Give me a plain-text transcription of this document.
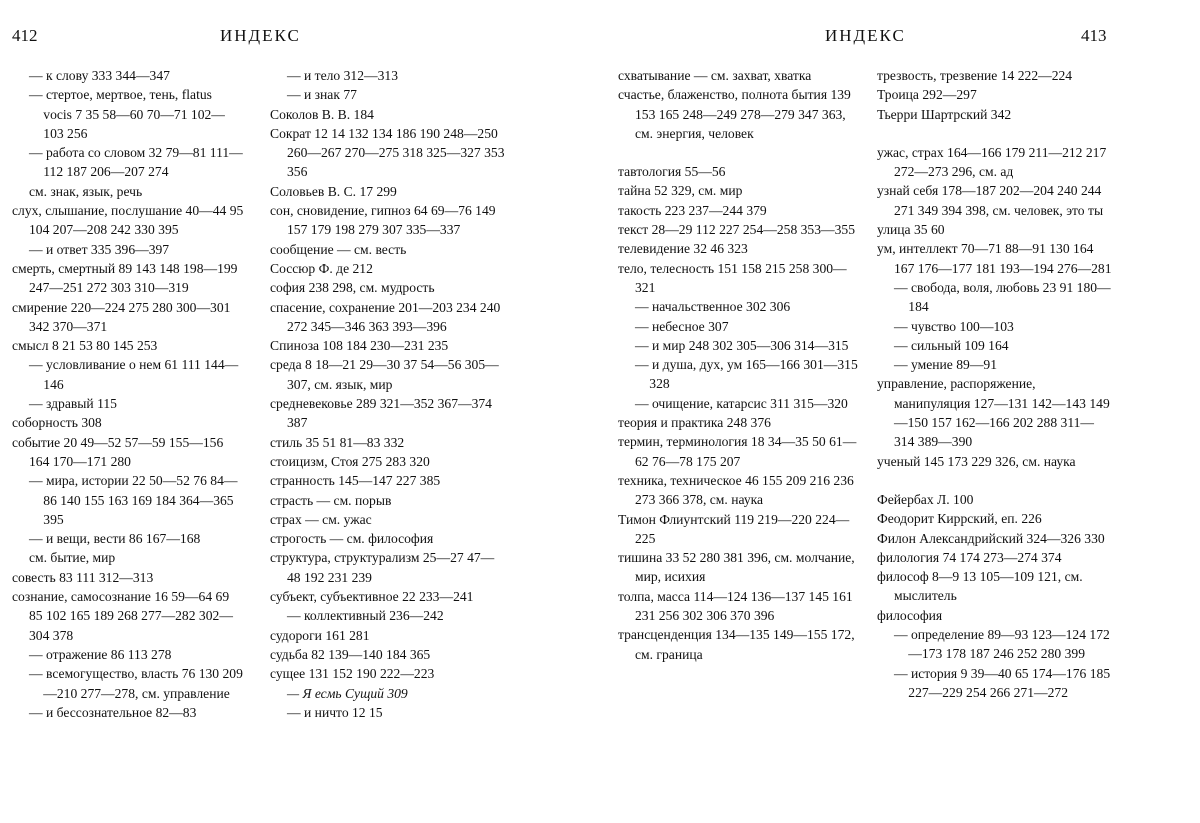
412	ИНДЕКС
— к слову 333 344—347
— стертое, мертвое, тень, flatus vocis 7 35 58—60 70—71 102—103 256
— работа со словом 32 79—81 111—112 187 206—207 274
см. знак, язык, речь
слух, слышание, послушание 40—44 95 104 207—208 242 330 395
— и ответ 335 396—397
смерть, смертный 89 143 148 198—199 247—251 272 303 310—319
смирение 220—224 275 280 300—301 342 370—371
смысл 8 21 53 80 145 253
— условливание о нем 61 111 144—146
— здравый 115
соборность 308
событие 20 49—52 57—59 155—156 164 170—171 280
— мира, истории 22 50—52 76 84—86 140 155 163 169 184 364—365 395
— и вещи, вести 86 167—168
см. бытие, мир
совесть 83 111 312—313
сознание, самосознание 16 59—64 69 85 102 165 189 268 277—282 302—304 378
— отражение 86 113 278
— всемогущество, власть 76 130 209—210 277—278, см. управление
— и бессознательное 82—83
— и тело 312—313
— и знак 77
Соколов В. В. 184
Сократ 12 14 132 134 186 190 248—250 260—267 270—275 318 325—327 353 356
Соловьев В. С. 17 299
сон, сновидение, гипноз 64 69—76 149 157 179 198 279 307 335—337
сообщение — см. весть
Соссюр Ф. де 212
софия 238 298, см. мудрость
спасение, сохранение 201—203 234 240 272 345—346 363 393—396
Спиноза 108 184 230—231 235
среда 8 18—21 29—30 37 54—56 305—307, см. язык, мир
средневековье 289 321—352 367—374 387
стиль 35 51 81—83 332
стоицизм, Стоя 275 283 320
странность 145—147 227 385
страсть — см. порыв
страх — см. ужас
строгость — см. философия
структура, структурализм 25—27 47—48 192 231 239
субъект, субъективное 22 233—241
— коллективный 236—242
судороги 161 281
судьба 82 139—140 184 365
сущее 131 152 190 222—223
— Я есмь Сущий 309
— и ничто 12 15
ИНДЕКС	413
схватывание — см. захват, хватка
счастье, блаженство, полнота бытия 139 153 165 248—249 278—279 347 363, см. энергия, человек
тавтология 55—56
тайна 52 329, см. мир
такость 223 237—244 379
текст 28—29 112 227 254—258 353—355
телевидение 32 46 323
тело, телесность 151 158 215 258 300—321
— начальственное 302 306
— небесное 307
— и мир 248 302 305—306 314—315
— и душа, дух, ум 165—166 301—315 328
— очищение, катарсис 311 315—320
теория и практика 248 376
термин, терминология 18 34—35 50 61—62 76—78 175 207
техника, техническое 46 155 209 216 236 273 366 378, см. наука
Тимон Флиунтский 119 219—220 224—225
тишина 33 52 280 381 396, см. молчание, мир, исихия
толпа, масса 114—124 136—137 145 161 231 256 302 306 370 396
трансценденция 134—135 149—155 172, см. граница
трезвость, трезвение 14 222—224
Троица 292—297
Тьерри Шартрский 342
ужас, страх 164—166 179 211—212 217 272—273 296, см. ад
узнай себя 178—187 202—204 240 244 271 349 394 398, см. человек, это ты
улица 35 60
ум, интеллект 70—71 88—91 130 164 167 176—177 181 193—194 276—281
— свобода, воля, любовь 23 91 180—184
— чувство 100—103
— сильный 109 164
— умение 89—91
управление, распоряжение, манипуляция 127—131 142—143 149—150 157 162—166 202 288 311—314 389—390
ученый 145 173 229 326, см. наука
Фейербах Л. 100
Феодорит Киррский, еп. 226
Филон Александрийский 324—326 330
филология 74 174 273—274 374
философ 8—9 13 105—109 121, см. мыслитель
философия
— определение 89—93 123—124 172—173 178 187 246 252 280 399
— история 9 39—40 65 174—176 185 227—229 254 266 271—272
